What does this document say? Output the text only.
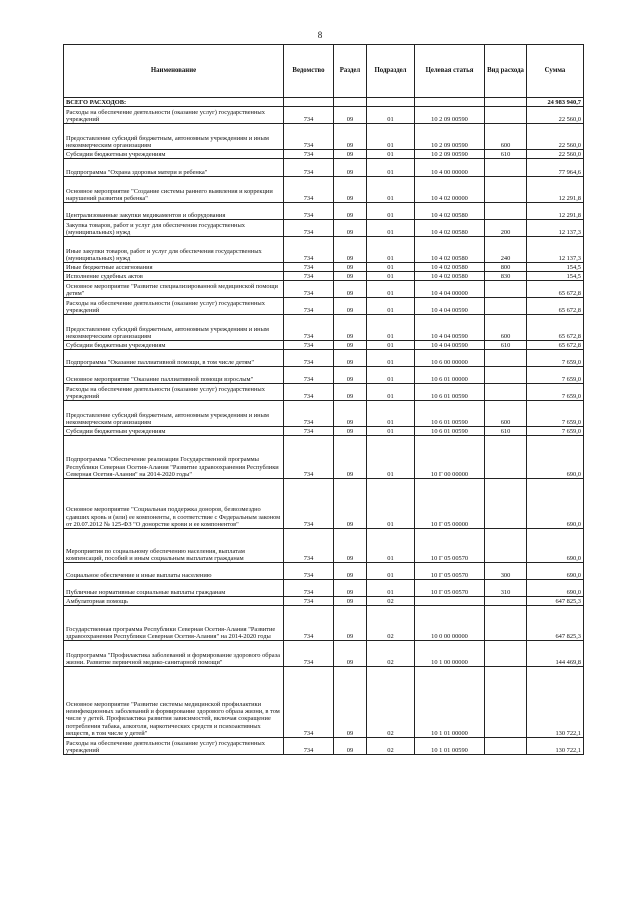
8
Наименование	Ведомство	Раздел	Подраздел	Целевая статья	Вид расхода	Сумма
ВСЕГО РАСХОДОВ:						24 983 940,7
Расходы на обеспечение деятельности (оказание услуг) государственных учреждений	734	09	01	10 2 09 00590		22 560,0
Предоставление субсидий бюджетным, автономным учреждениям и иным некоммерческим организациям	734	09	01	10 2 09 00590	600	22 560,0
Субсидии бюджетным учреждениям	734	09	01	10 2 09 00590	610	22 560,0
Подпрограмма "Охрана здоровья матери и ребенка"	734	09	01	10 4 00 00000		77 964,6
Основное мероприятие "Создание системы раннего выявления и коррекции нарушений развития ребенка"	734	09	01	10 4 02 00000		12 291,8
Централизованные закупки медикаментов и оборудования	734	09	01	10 4 02 00580		12 291,8
Закупка товаров, работ и услуг для обеспечения государственных (муниципальных) нужд	734	09	01	10 4 02 00580	200	12 137,3
Иные закупки товаров, работ и услуг для обеспечения государственных (муниципальных) нужд	734	09	01	10 4 02 00580	240	12 137,3
Иные бюджетные ассигнования	734	09	01	10 4 02 00580	800	154,5
Исполнение судебных актов	734	09	01	10 4 02 00580	830	154,5
Основное мероприятие "Развитие специализированной медицинской помощи детям"	734	09	01	10 4 04 00000		65 672,8
Расходы на обеспечение деятельности (оказание услуг) государственных учреждений	734	09	01	10 4 04 00590		65 672,8
Предоставление субсидий бюджетным, автономным учреждениям и иным некоммерческим организациям	734	09	01	10 4 04 00590	600	65 672,8
Субсидии бюджетным учреждениям	734	09	01	10 4 04 00590	610	65 672,8
Подпрограмма "Оказание паллиативной помощи, в том числе детям"	734	09	01	10 6 00 00000		7 659,0
Основное мероприятие "Оказание паллиативной помощи взрослым"	734	09	01	10 6 01 00000		7 659,0
Расходы на обеспечение деятельности (оказание услуг) государственных учреждений	734	09	01	10 6 01 00590		7 659,0
Предоставление субсидий бюджетным, автономным учреждениям и иным некоммерческим организациям	734	09	01	10 6 01 00590	600	7 659,0
Субсидии бюджетным учреждениям	734	09	01	10 6 01 00590	610	7 659,0
Подпрограмма "Обеспечение реализации Государственной программы Республики Северная Осетия-Алания "Развитие здравоохранения Республики Северная Осетия-Алания" на 2014-2020 годы"	734	09	01	10 Г 00 00000		690,0
Основное мероприятие "Социальная поддержка доноров, безвозмездно сдавших кровь и (или) ее компоненты, в соответствие с Федеральным законом от 20.07.2012 № 125-ФЗ "О донорстве крови и ее компонентов"	734	09	01	10 Г 05 00000		690,0
Мероприятия по социальному обеспечению населения, выплатам компенсаций, пособий и иным социальным выплатам гражданам	734	09	01	10 Г 05 00570		690,0
Социальное обеспечение и иные выплаты населению	734	09	01	10 Г 05 00570	300	690,0
Публичные нормативные социальные выплаты гражданам	734	09	01	10 Г 05 00570	310	690,0
Амбулаторная помощь	734	09	02			647 825,3
Государственная программа Республики Северная Осетия-Алания "Развитие здравоохранения Республики Северная Осетия-Алания" на 2014-2020 годы	734	09	02	10 0 00 00000		647 825,3
Подпрограмма "Профилактика заболеваний и формирование здорового образа жизни. Развитие первичной медико-санитарной помощи"	734	09	02	10 1 00 00000		144 469,8
Основное мероприятие "Развитие системы медицинской профилактики неинфекционных заболеваний и формирование здорового образа жизни, в том числе у детей. Профилактика развития зависимостей, включая сокращение потребления табака, алкоголя, наркотических средств и психоактивных веществ, в том числе у детей"	734	09	02	10 1 01 00000		130 722,1
Расходы на обеспечение деятельности (оказание услуг) государственных учреждений	734	09	02	10 1 01 00590		130 722,1
